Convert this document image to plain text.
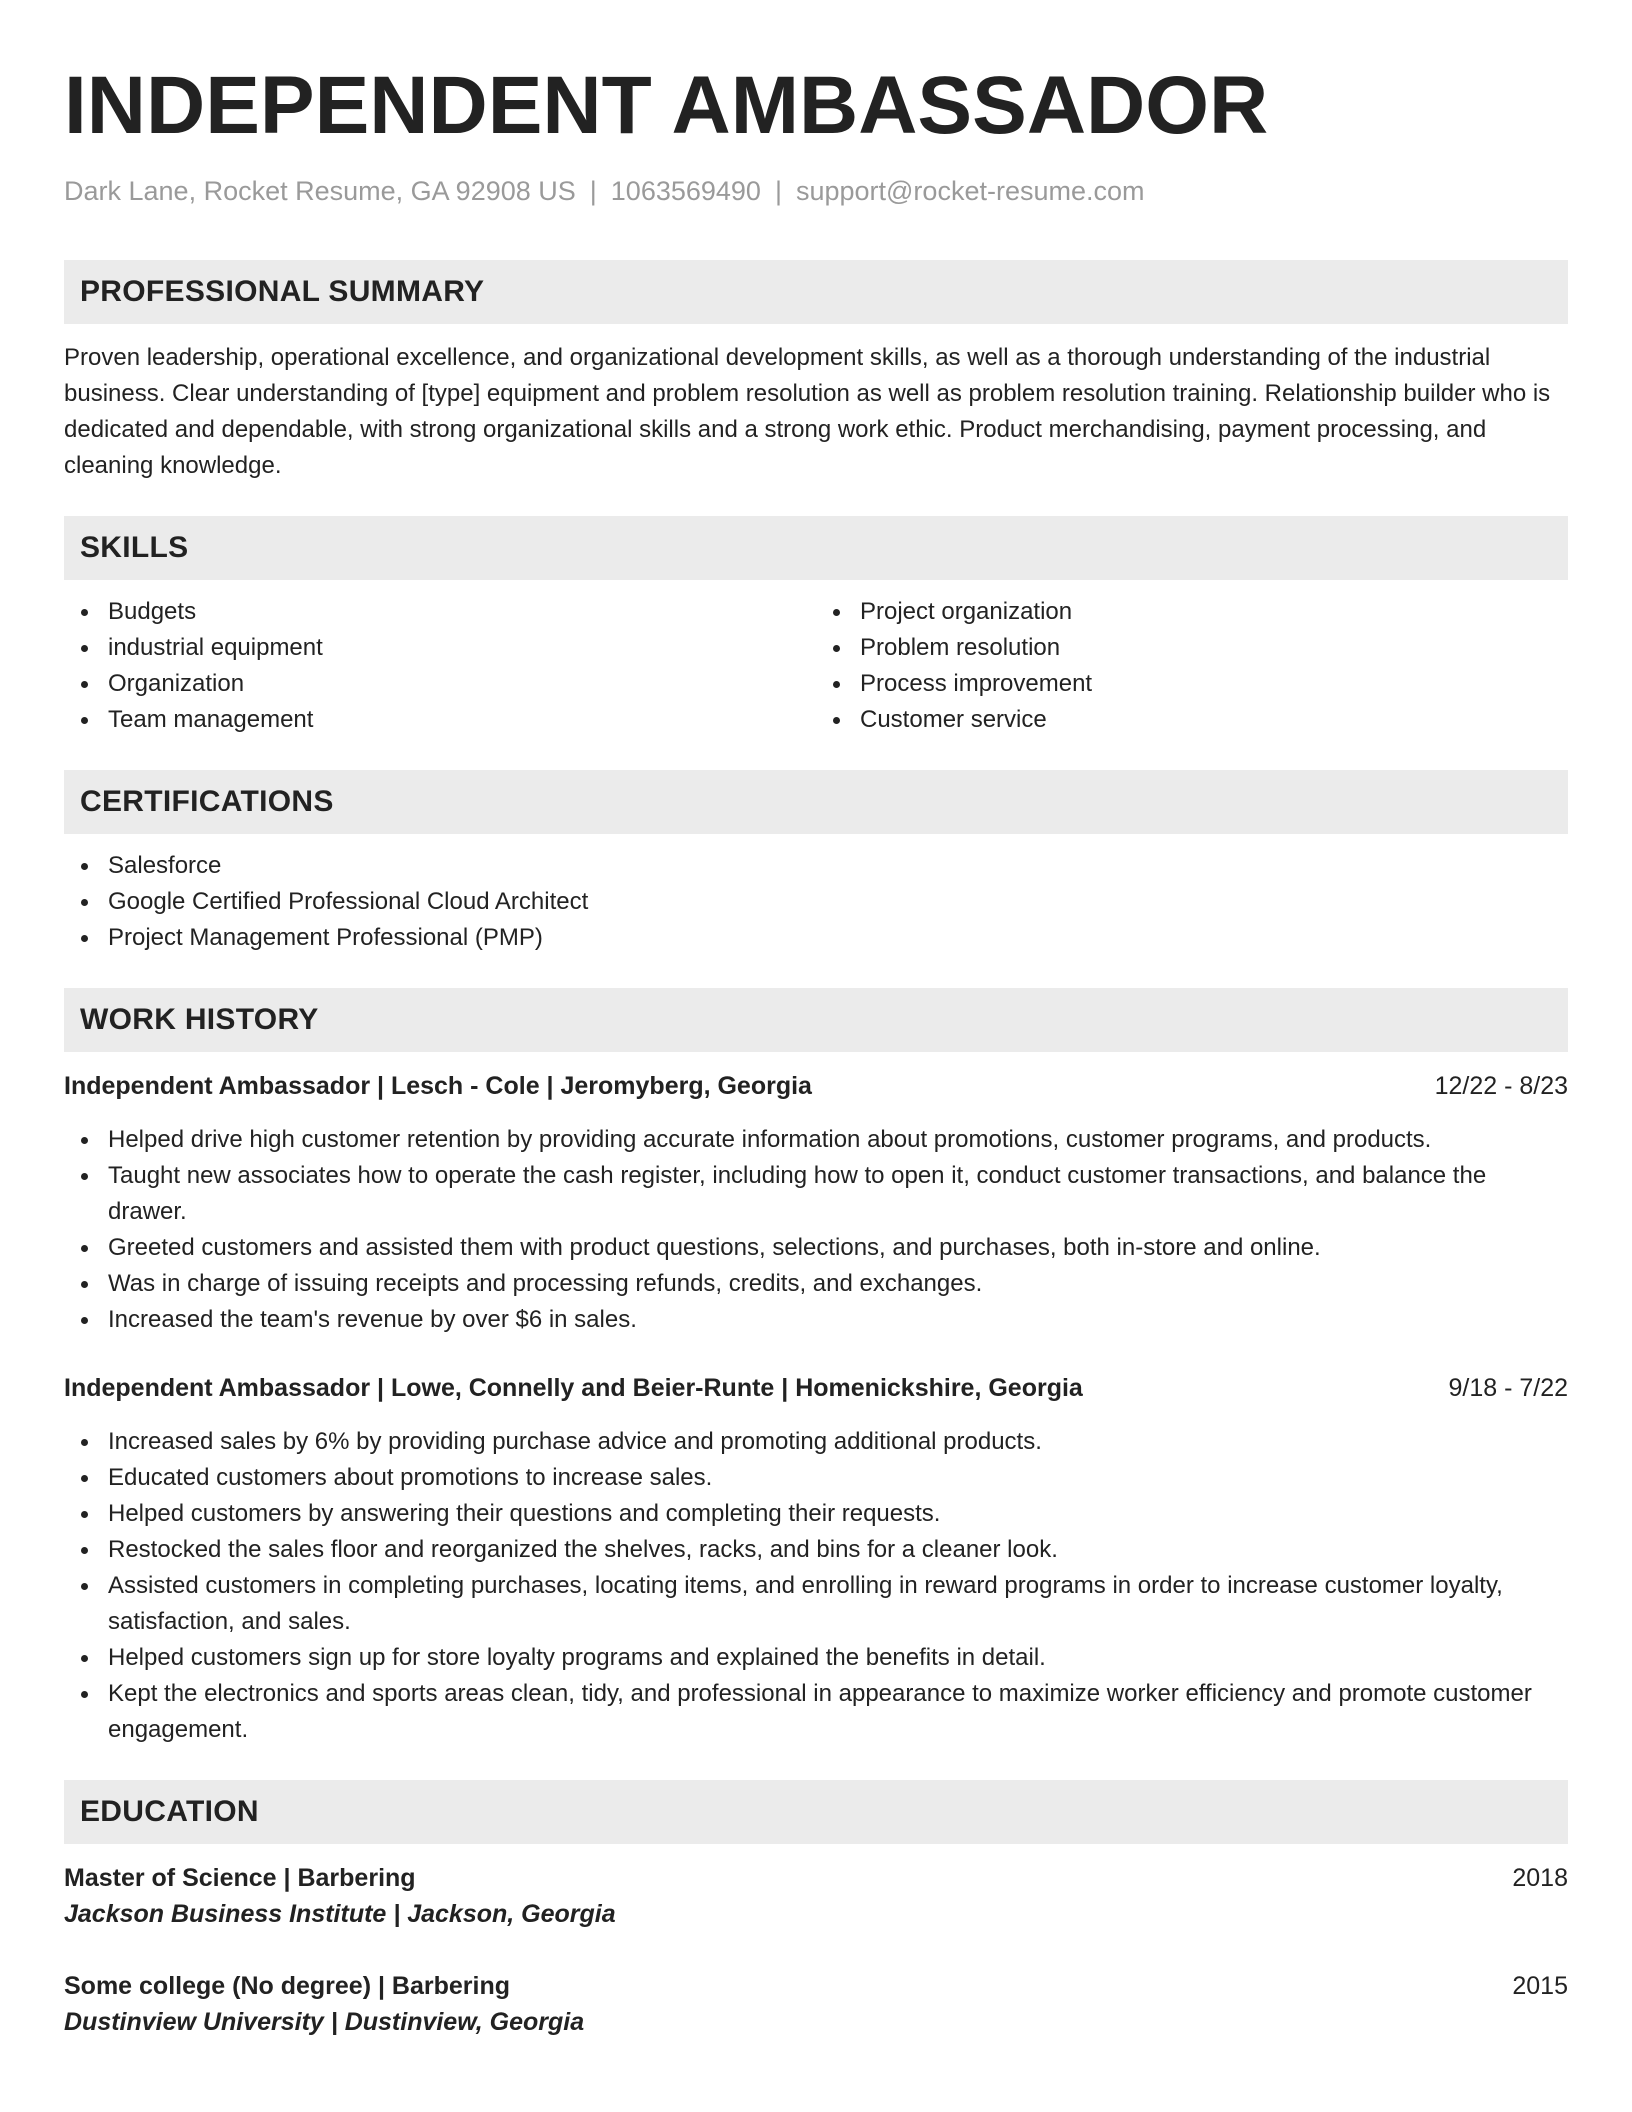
INDEPENDENT AMBASSADOR
Dark Lane, Rocket Resume, GA 92908 US | 1063569490 | support@rocket-resume.com
PROFESSIONAL SUMMARY

Proven leadership, operational excellence, and organizational development skills, as well as a thorough understanding of the industrial business. Clear understanding of [type] equipment and problem resolution as well as problem resolution training. Relationship builder who is dedicated and dependable, with strong organizational skills and a strong work ethic. Product merchandising, payment processing, and cleaning knowledge.

SKILLS
Budgets
industrial equipment
Organization
Team management
Project organization
Problem resolution
Process improvement
Customer service
CERTIFICATIONS
Salesforce
Google Certified Professional Cloud Architect
Project Management Professional (PMP)
WORK HISTORY
Independent Ambassador | Lesch - Cole | Jeromyberg, Georgia	12/22 - 8/23
Helped drive high customer retention by providing accurate information about promotions, customer programs, and products.
Taught new associates how to operate the cash register, including how to open it, conduct customer transactions, and balance the drawer.
Greeted customers and assisted them with product questions, selections, and purchases, both in-store and online.
Was in charge of issuing receipts and processing refunds, credits, and exchanges.
Increased the team's revenue by over $6 in sales.
Independent Ambassador | Lowe, Connelly and Beier-Runte | Homenickshire, Georgia	9/18 - 7/22
Increased sales by 6% by providing purchase advice and promoting additional products.
Educated customers about promotions to increase sales.
Helped customers by answering their questions and completing their requests.
Restocked the sales floor and reorganized the shelves, racks, and bins for a cleaner look.
Assisted customers in completing purchases, locating items, and enrolling in reward programs in order to increase customer loyalty, satisfaction, and sales.
Helped customers sign up for store loyalty programs and explained the benefits in detail.
Kept the electronics and sports areas clean, tidy, and professional in appearance to maximize worker efficiency and promote customer engagement.
EDUCATION
Master of Science | Barbering	2018
Jackson Business Institute | Jackson, Georgia
Some college (No degree) | Barbering	2015
Dustinview University | Dustinview, Georgia
